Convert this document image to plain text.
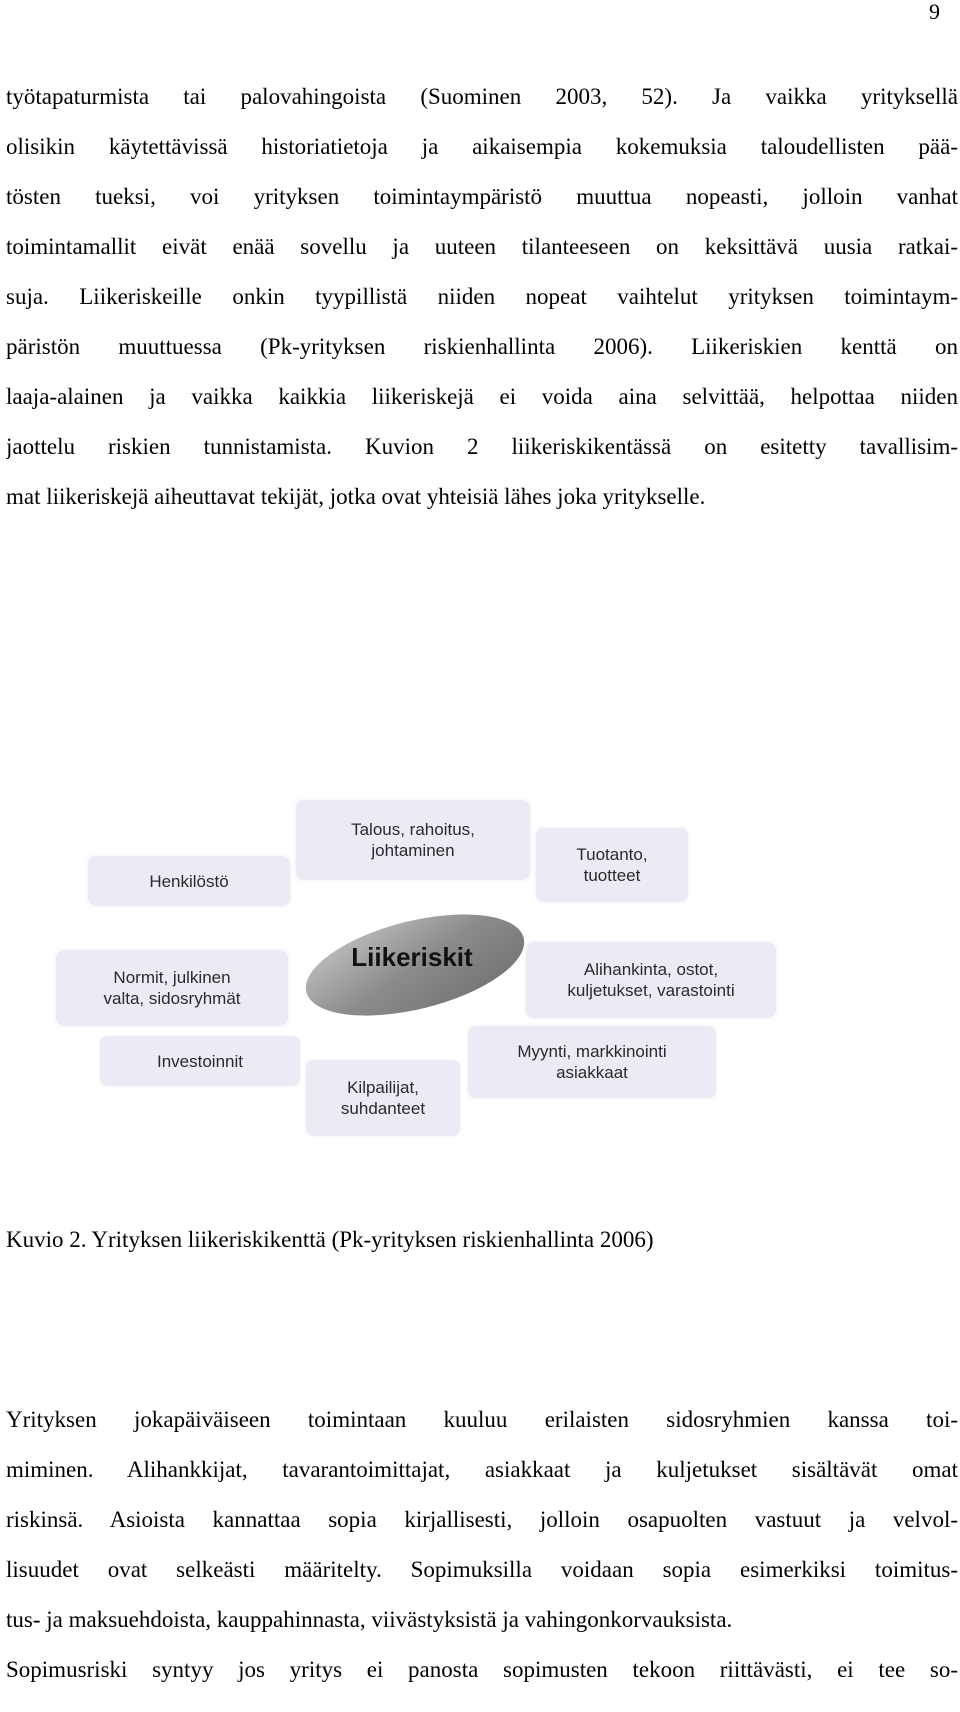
9
työtapaturmista tai palovahingoista (Suominen 2003, 52). Ja vaikka yrityksellä
olisikin käytettävissä historiatietoja ja aikaisempia kokemuksia taloudellisten pää-
tösten tueksi, voi yrityksen toimintaympäristö muuttua nopeasti, jolloin vanhat
toimintamallit eivät enää sovellu ja uuteen tilanteeseen on keksittävä uusia ratkai-
suja. Liikeriskeille onkin tyypillistä niiden nopeat vaihtelut yrityksen toimintaym-
päristön muuttuessa (Pk-yrityksen riskienhallinta 2006). Liikeriskien kenttä on
laaja-alainen ja vaikka kaikkia liikeriskejä ei voida aina selvittää, helpottaa niiden
jaottelu riskien tunnistamista. Kuvion 2 liikeriskikentässä on esitetty tavallisim-
mat liikeriskejä aiheuttavat tekijät, jotka ovat yhteisiä lähes joka yritykselle.
Talous, rahoitus,
johtaminen
Henkilöstö
Tuotanto,
tuotteet
Normit, julkinen
valta, sidosryhmät
Alihankinta, ostot,
kuljetukset, varastointi
Investoinnit	Myynti, markkinointi
asiakkaat
Kilpailijat,
suhdanteet
Liikeriskit
Kuvio 2. Yrityksen liikeriskikenttä (Pk-yrityksen riskienhallinta 2006)
Yrityksen jokapäiväiseen toimintaan kuuluu erilaisten sidosryhmien kanssa toi-
miminen. Alihankkijat, tavarantoimittajat, asiakkaat ja kuljetukset sisältävät omat
riskinsä. Asioista kannattaa sopia kirjallisesti, jolloin osapuolten vastuut ja velvol-
lisuudet ovat selkeästi määritelty. Sopimuksilla voidaan sopia esimerkiksi toimitus-
tus- ja maksuehdoista, kauppahinnasta, viivästyksistä ja vahingonkorvauksista.
Sopimusriski syntyy jos yritys ei panosta sopimusten tekoon riittävästi, ei tee so-
